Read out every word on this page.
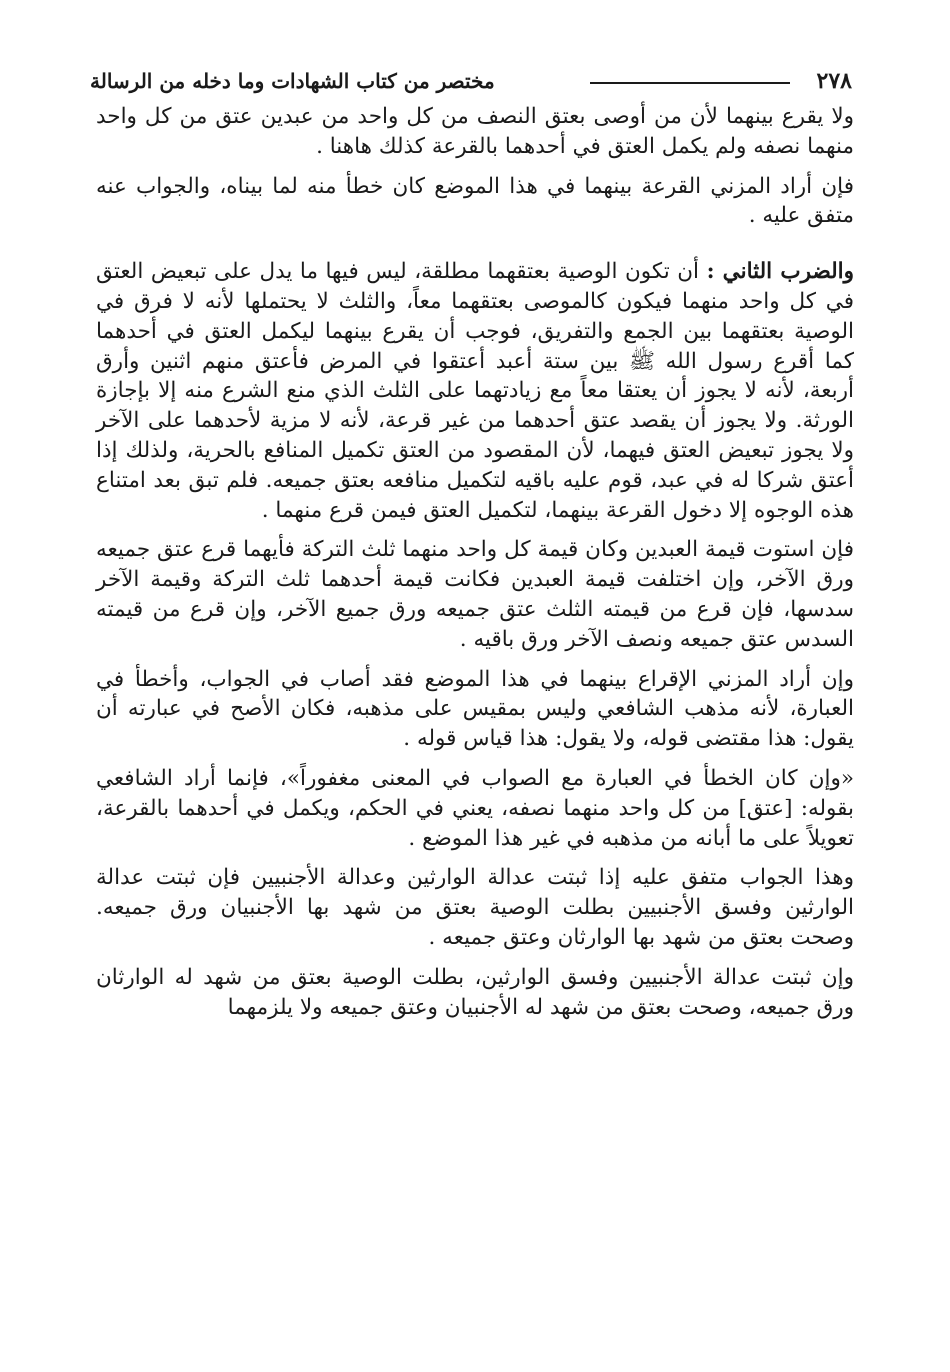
٢٧٨
مختصر من كتاب الشهادات وما دخله من الرسالة

ولا يقرع بينهما لأن من أوصى بعتق النصف من كل واحد من عبدين عتق من كل واحد منهما نصفه ولم يكمل العتق في أحدهما بالقرعة كذلك هاهنا .

فإن أراد المزني القرعة بينهما في هذا الموضع كان خطأ منه لما بيناه، والجواب عنه متفق عليه .

والضرب الثاني : أن تكون الوصية بعتقهما مطلقة، ليس فيها ما يدل على تبعيض العتق في كل واحد منهما فيكون كالموصى بعتقهما معاً، والثلث لا يحتملها لأنه لا فرق في الوصية بعتقهما بين الجمع والتفريق، فوجب أن يقرع بينهما ليكمل العتق في أحدهما كما أقرع رسول الله ﷺ بين ستة أعبد أعتقوا في المرض فأعتق منهم اثنين وأرق أربعة، لأنه لا يجوز أن يعتقا معاً مع زيادتهما على الثلث الذي منع الشرع منه إلا بإجازة الورثة. ولا يجوز أن يقصد عتق أحدهما من غير قرعة، لأنه لا مزية لأحدهما على الآخر ولا يجوز تبعيض العتق فيهما، لأن المقصود من العتق تكميل المنافع بالحرية، ولذلك إذا أعتق شركا له في عبد، قوم عليه باقيه لتكميل منافعه بعتق جميعه. فلم تبق بعد امتناع هذه الوجوه إلا دخول القرعة بينهما، لتكميل العتق فيمن قرع منهما .

فإن استوت قيمة العبدين وكان قيمة كل واحد منهما ثلث التركة فأيهما قرع عتق جميعه ورق الآخر، وإن اختلفت قيمة العبدين فكانت قيمة أحدهما ثلث التركة وقيمة الآخر سدسها، فإن قرع من قيمته الثلث عتق جميعه ورق جميع الآخر، وإن قرع من قيمته السدس عتق جميعه ونصف الآخر ورق باقيه .

وإن أراد المزني الإقراع بينهما في هذا الموضع فقد أصاب في الجواب، وأخطأ في العبارة، لأنه مذهب الشافعي وليس بمقيس على مذهبه، فكان الأصح في عبارته أن يقول: هذا مقتضى قوله، ولا يقول: هذا قياس قوله .

«وإن كان الخطأ في العبارة مع الصواب في المعنى مغفوراً»، فإنما أراد الشافعي بقوله: [عتق] من كل واحد منهما نصفه، يعني في الحكم، ويكمل في أحدهما بالقرعة، تعويلاً على ما أبانه من مذهبه في غير هذا الموضع .

وهذا الجواب متفق عليه إذا ثبتت عدالة الوارثين وعدالة الأجنبيين فإن ثبتت عدالة الوارثين وفسق الأجنبيين بطلت الوصية بعتق من شهد بها الأجنبيان ورق جميعه. وصحت بعتق من شهد بها الوارثان وعتق جميعه .

وإن ثبتت عدالة الأجنبيين وفسق الوارثين، بطلت الوصية بعتق من شهد له الوارثان ورق جميعه، وصحت بعتق من شهد له الأجنبيان وعتق جميعه ولا يلزمهما
